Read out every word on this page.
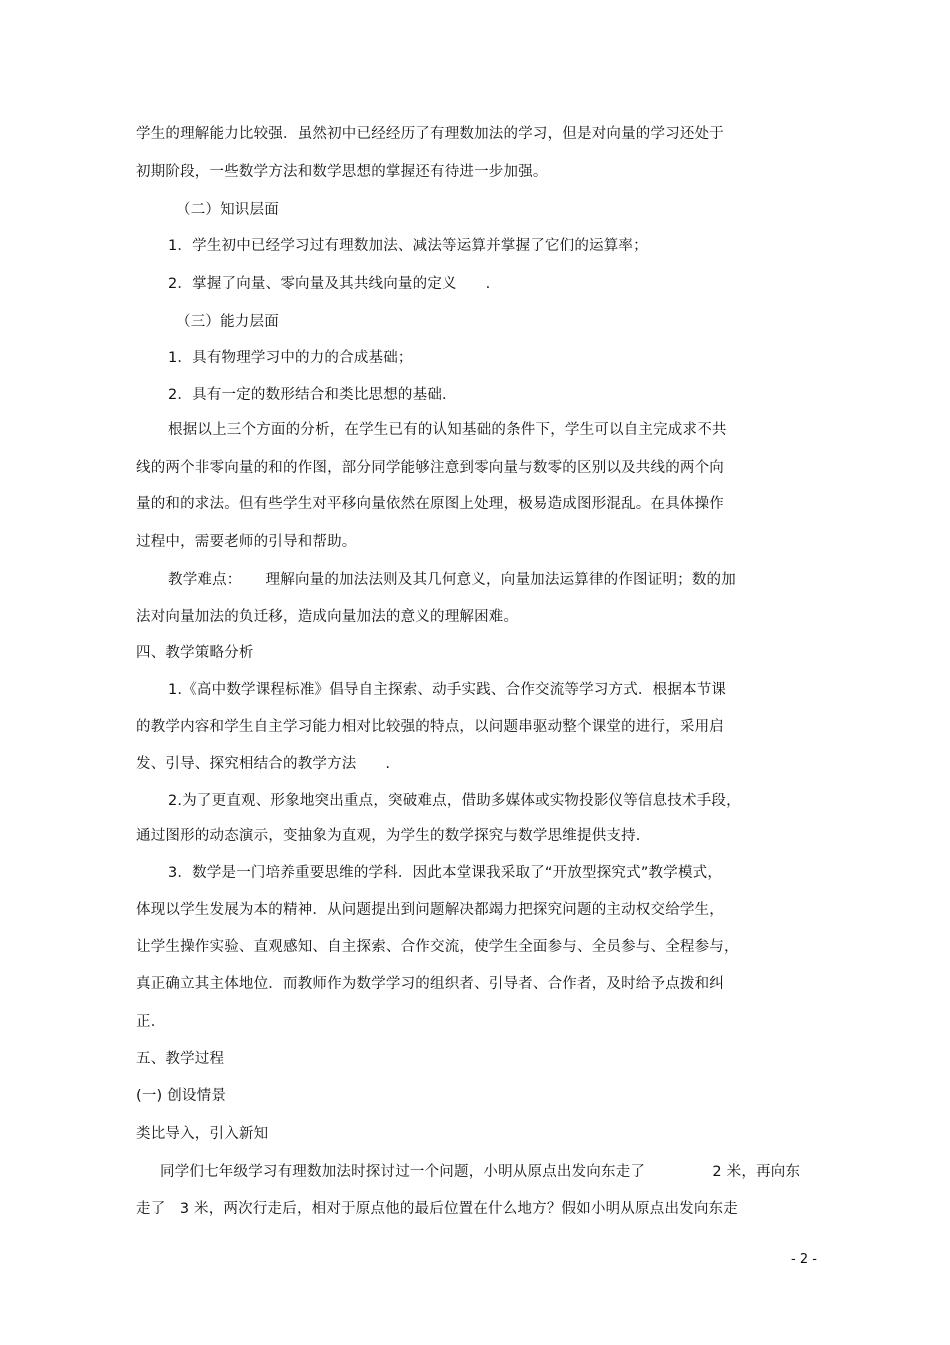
学生的理解能力比较强．虽然初中已经经历了有理数加法的学习，但是对向量的学习还处于
初期阶段，一些数学方法和数学思想的掌握还有待进一步加强。
（二）知识层面
1．学生初中已经学习过有理数加法、减法等运算并掌握了它们的运算率；
2．掌握了向量、零向量及其共线向量的定义      .
（三）能力层面
1．具有物理学习中的力的合成基础；
2．具有一定的数形结合和类比思想的基础．
根据以上三个方面的分析，在学生已有的认知基础的条件下，学生可以自主完成求不共
线的两个非零向量的和的作图，部分同学能够注意到零向量与数零的区别以及共线的两个向
量的和的求法。但有些学生对平移向量依然在原图上处理，极易造成图形混乱。在具体操作
过程中，需要老师的引导和帮助。
教学难点：     理解向量的加法法则及其几何意义，向量加法运算律的作图证明；数的加
法对向量加法的负迁移，造成向量加法的意义的理解困难。
四、教学策略分析
1.《高中数学课程标准》倡导自主探索、动手实践、合作交流等学习方式．根据本节课
的教学内容和学生自主学习能力相对比较强的特点，以问题串驱动整个课堂的进行，采用启
发、引导、探究相结合的教学方法      .
2.为了更直观、形象地突出重点，突破难点，借助多媒体或实物投影仪等信息技术手段，
通过图形的动态演示，变抽象为直观，为学生的数学探究与数学思维提供支持．
3．数学是一门培养重要思维的学科．因此本堂课我采取了“开放型探究式”教学模式，
体现以学生发展为本的精神．从问题提出到问题解决都竭力把探究问题的主动权交给学生，
让学生操作实验、直观感知、自主探索、合作交流，使学生全面参与、全员参与、全程参与，
真正确立其主体地位．而教师作为数学学习的组织者、引导者、合作者，及时给予点拨和纠
正．
五、教学过程
(一) 创设情景
类比导入，引入新知
同学们七年级学习有理数加法时探讨过一个问题，小明从原点出发向东走了              2 米，再向东
走了   3 米，两次行走后，相对于原点他的最后位置在什么地方？假如小明从原点出发向东走
- 2 -
